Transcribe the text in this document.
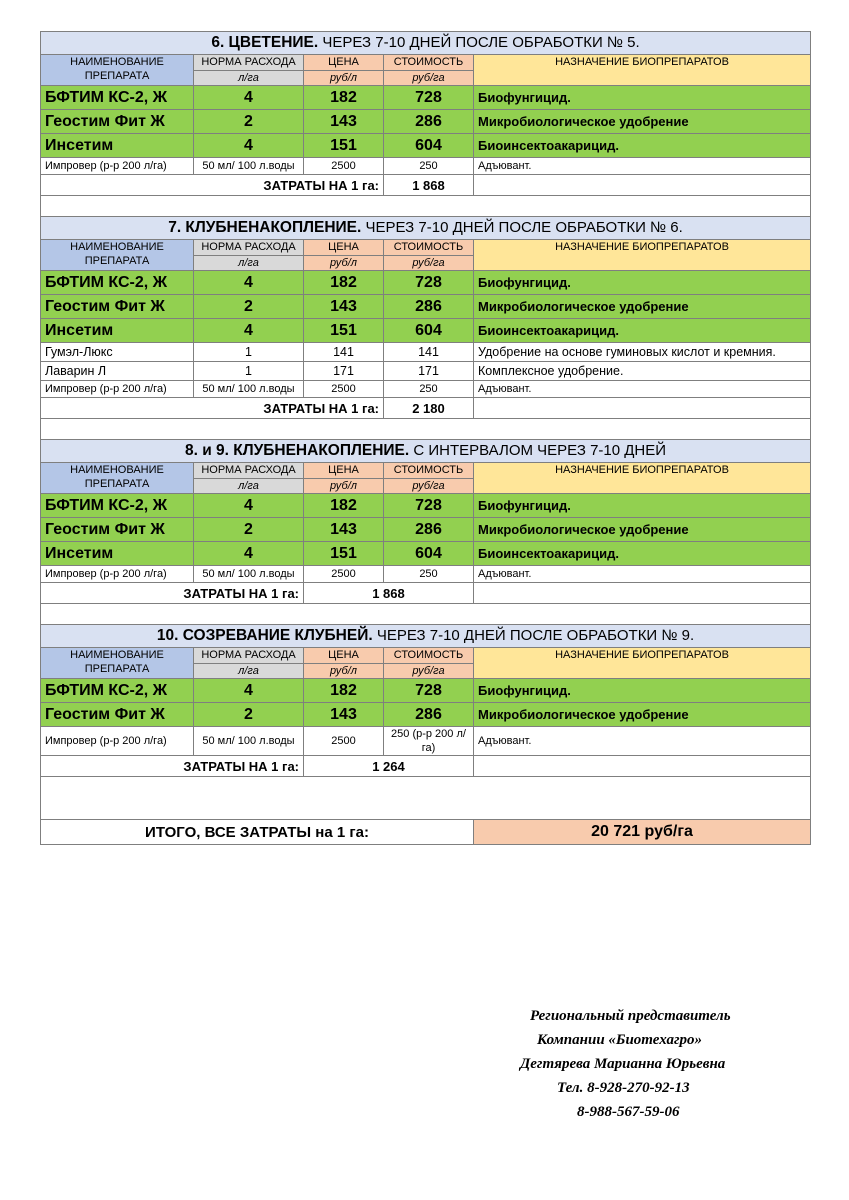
6. ЦВЕТЕНИЕ. ЧЕРЕЗ 7-10 ДНЕЙ ПОСЛЕ ОБРАБОТКИ № 5.				
НАИМЕНОВАНИЕ ПРЕПАРАТА	НОРМА РАСХОДА	ЦЕНА	СТОИМОСТЬ	НАЗНАЧЕНИЕ БИОПРЕПАРАТОВ
	л/га	руб/л	руб/га	
БФТИМ КС-2, Ж	4	182	728	Биофунгицид.
Геостим Фит Ж	2	143	286	Микробиологическое удобрение
Инсетим	4	151	604	Биоинсектоакарицид.
Импровер (р-р 200 л/га)	50 мл/ 100 л.воды	2500	250	Адъювант.
ЗАТРАТЫ НА 1 га:			1 868	

7. КЛУБНЕНАКОПЛЕНИЕ. ЧЕРЕЗ 7-10 ДНЕЙ ПОСЛЕ ОБРАБОТКИ № 6.				
НАИМЕНОВАНИЕ ПРЕПАРАТА	НОРМА РАСХОДА	ЦЕНА	СТОИМОСТЬ	НАЗНАЧЕНИЕ БИОПРЕПАРАТОВ
	л/га	руб/л	руб/га	
БФТИМ КС-2, Ж	4	182	728	Биофунгицид.
Геостим Фит Ж	2	143	286	Микробиологическое удобрение
Инсетим	4	151	604	Биоинсектоакарицид.
Гумэл-Люкс	1	141	141	Удобрение на основе гуминовых кислот и кремния.
Лаварин Л	1	171	171	Комплексное удобрение.
Импровер (р-р 200 л/га)	50 мл/ 100 л.воды	2500	250	Адъювант.
ЗАТРАТЫ НА 1 га:			2 180	

8. и 9. КЛУБНЕНАКОПЛЕНИЕ. С ИНТЕРВАЛОМ ЧЕРЕЗ 7-10 ДНЕЙ				
НАИМЕНОВАНИЕ ПРЕПАРАТА	НОРМА РАСХОДА	ЦЕНА	СТОИМОСТЬ	НАЗНАЧЕНИЕ БИОПРЕПАРАТОВ
	л/га	руб/л	руб/га	
БФТИМ КС-2, Ж	4	182	728	Биофунгицид.
Геостим Фит Ж	2	143	286	Микробиологическое удобрение
Инсетим	4	151	604	Биоинсектоакарицид.
Импровер (р-р 200 л/га)	50 мл/ 100 л.воды	2500	250	Адъювант.
ЗАТРАТЫ НА 1 га:		1 868		

10. СОЗРЕВАНИЕ КЛУБНЕЙ. ЧЕРЕЗ 7-10 ДНЕЙ ПОСЛЕ ОБРАБОТКИ № 9.				
НАИМЕНОВАНИЕ ПРЕПАРАТА	НОРМА РАСХОДА	ЦЕНА	СТОИМОСТЬ	НАЗНАЧЕНИЕ БИОПРЕПАРАТОВ
	л/га	руб/л	руб/га	
БФТИМ КС-2, Ж	4	182	728	Биофунгицид.
Геостим Фит Ж	2	143	286	Микробиологическое удобрение
Импровер (р-р 200 л/га)	50 мл/ 100 л.воды	2500	250 (р-р 200 л/га)	Адъювант.
ЗАТРАТЫ НА 1 га:		1 264		

ИТОГО, ВСЕ ЗАТРАТЫ на 1 га:				20 721 руб/га
Региональный представитель
Компании «Биотехагро»
Дегтярева Марианна Юрьевна
Тел. 8-928-270-92-13
8-988-567-59-06
